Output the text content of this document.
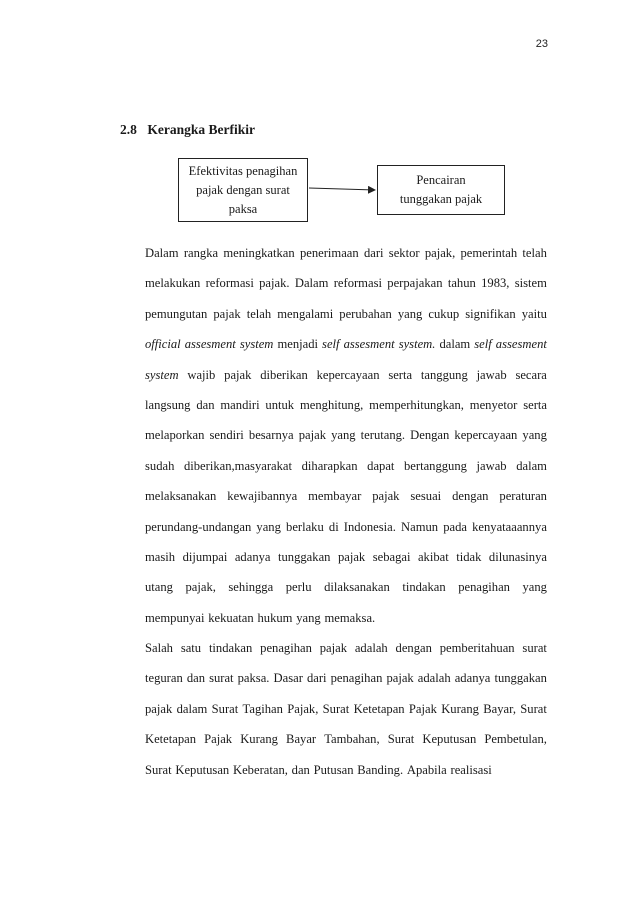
23
2.8 Kerangka Berfikir
Efektivitas penagihan
pajak dengan surat
paksa
Pencairan
tunggakan pajak
Dalam rangka meningkatkan penerimaan dari sektor pajak, pemerintah telah
melakukan reformasi pajak. Dalam reformasi perpajakan tahun 1983, sistem
pemungutan pajak telah mengalami perubahan yang cukup signifikan yaitu
official assesment system menjadi self assesment system. dalam self assesment
system wajib pajak diberikan kepercayaan serta tanggung jawab secara
langsung dan mandiri untuk menghitung, memperhitungkan, menyetor serta
melaporkan sendiri besarnya pajak yang terutang. Dengan kepercayaan yang
sudah diberikan,masyarakat diharapkan dapat bertanggung jawab dalam
melaksanakan kewajibannya membayar pajak sesuai dengan peraturan
perundang-undangan yang berlaku di Indonesia. Namun pada kenyataaannya
masih dijumpai adanya tunggakan pajak sebagai akibat tidak dilunasinya
utang pajak, sehingga perlu dilaksanakan tindakan penagihan yang
mempunyai kekuatan hukum yang memaksa.
Salah satu tindakan penagihan pajak adalah dengan pemberitahuan surat
teguran dan surat paksa. Dasar dari penagihan pajak adalah adanya tunggakan
pajak dalam Surat Tagihan Pajak, Surat Ketetapan Pajak Kurang Bayar, Surat
Ketetapan Pajak Kurang Bayar Tambahan, Surat Keputusan Pembetulan,
Surat Keputusan Keberatan, dan Putusan Banding. Apabila realisasi
